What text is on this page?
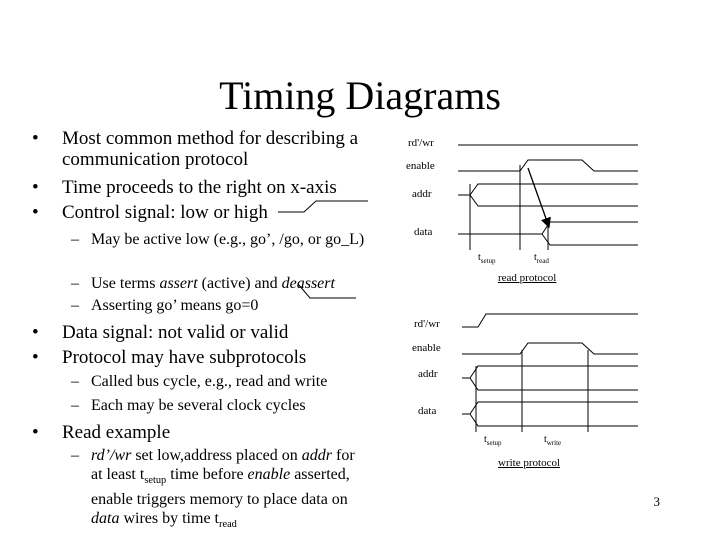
Timing Diagrams
• Most common method for describing a communication protocol
• Time proceeds to the right on x-axis
• Control signal: low or high
– May be active low (e.g., go’, /go, or go_L)
– Use terms assert (active) and deassert
– Asserting go’ means go=0
• Data signal: not valid or valid
• Protocol may have subprotocols
– Called bus cycle, e.g., read and write
– Each may be several clock cycles
• Read example
– rd’/wr set low,address placed on addr for at least $t_{setup}$ time before enable asserted, enable triggers memory to place data on data wires by time $t_{read}$
rd'/wr
enable
addr
data
$t_{setup}$	$t_{read}$
read protocol
rd'/wr
enable
addr
data
$t_{setup}$	$t_{write}$
write protocol
3
